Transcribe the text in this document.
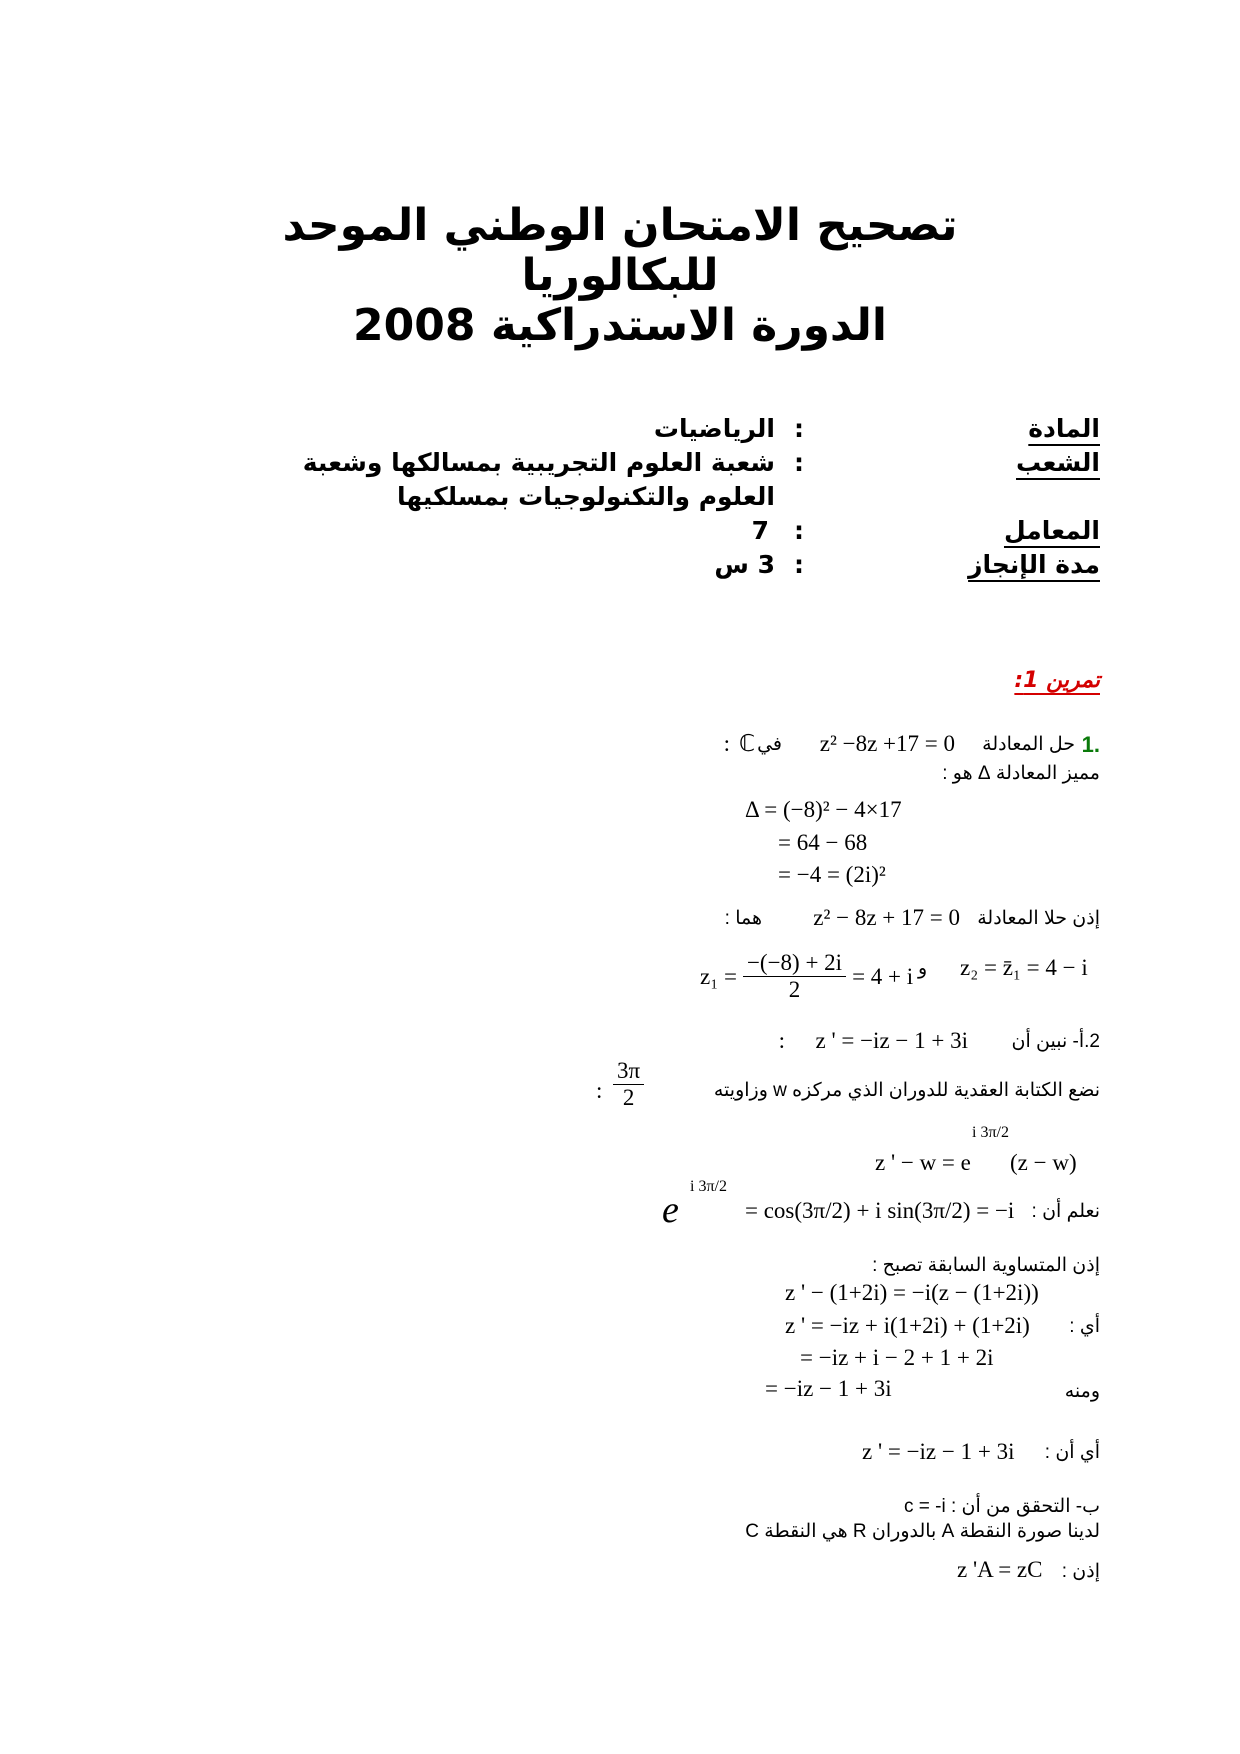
تصحيح الامتحان الوطني الموحد
للبكالوريا
الدورة الاستدراكية 2008
المادة
:
الرياضيات
الشعب
:
شعبة العلوم التجريبية بمسالكها وشعبة
العلوم والتكنولوجيات بمسلكيها
المعامل
:
7
مدة الإنجاز
:
3 س
تمرين 1:
1.
حل المعادلة
z² −8z +17 = 0
في
ℂ
:
مميز المعادلة Δ هو :
Δ = (−8)² − 4×17
= 64 − 68
= −4 = (2i)²
إذن حلا المعادلة
z² − 8z + 17 = 0
هما :
$z_1 = \frac{-(-8) + 2i}{2} = 4 + i$ و z₂ = z̄₁ = 4 − i
2.أ- نبين أن
z ' = −iz − 1 + 3i
:
نضع الكتابة العقدية للدوران الذي مركزه w وزاويته
$\frac{3\pi}{2}$
:
z ' − w = e
i 3π/2
(z − w)
نعلم أن :
e
i 3π/2
= cos(3π/2) + i sin(3π/2) = −i
إذن المتساوية السابقة تصبح :
z ' − (1+2i) = −i(z − (1+2i))
أي :
z ' = −iz + i(1+2i) + (1+2i)
= −iz + i − 2 + 1 + 2i
ومنه
= −iz − 1 + 3i
أي أن :
z ' = −iz − 1 + 3i
ب- التحقق من أن : c = -i
لدينا صورة النقطة A بالدوران R هي النقطة C
إذن :
z 'A = zC
